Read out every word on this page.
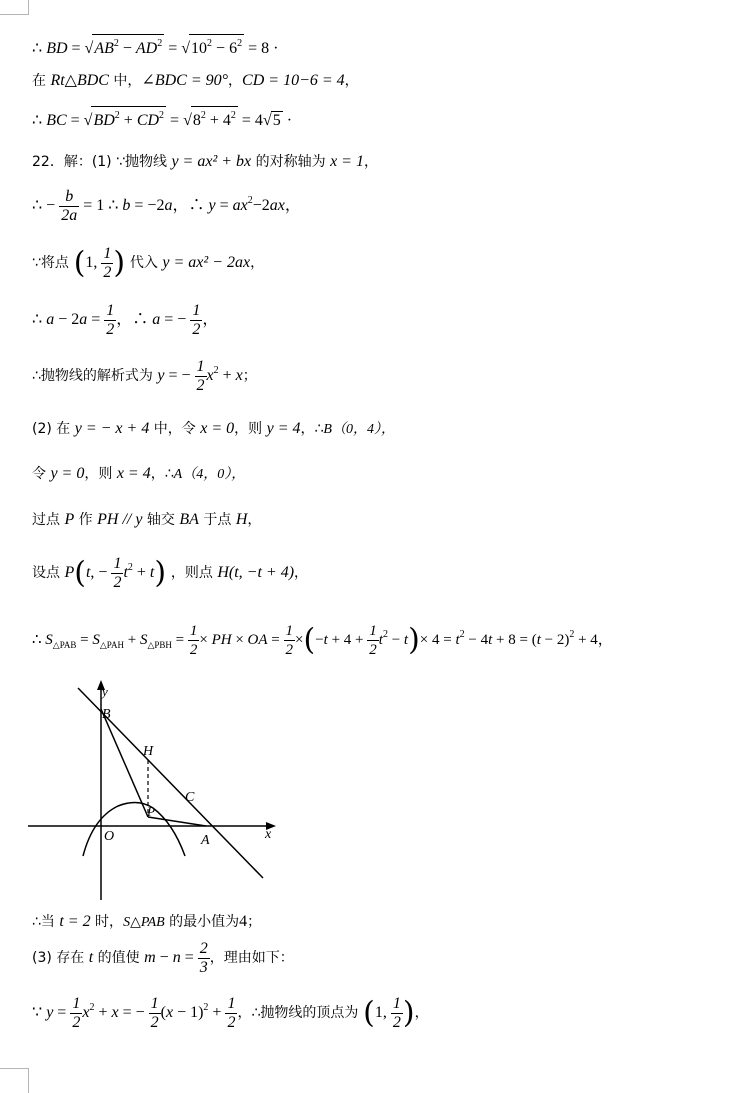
∴ BD = $√AB^2 - AD^2 = √10^2 - 6^2 = 8$ ·
在 Rt△BDC 中，∠BDC = 90°，CD = 10−6 = 4，
∴ BC = $√BD^2 + CD^2 = √8^2 + 4^2 = 4√5$ ·
22．解：(1) ∵抛物线 y = ax² + bx 的对称轴为 x = 1，
∴ − $\frac{b}{2a} = 1$ ∴ b = −2a，∴ $y = ax^2-2ax$，
∵将点 (1, $\frac{1}{2}$ ) 代入 y = ax² − 2ax，
∴ $a - 2a = \frac{1}{2}$ ，∴ a = − $\frac{1}{2}$ ，
∴抛物线的解析式为
y = − $\frac{1}{2} x^2 + x$；
(2) 在 y = − x + 4 中，令 x = 0，则 y = 4，∴B（0，4），
令 y = 0，则 x = 4，∴A（4，0），
过点 P 作 PH // y 轴交 BA 于点 H，
设点
P(t, − $\frac{1}{2} t^2 + t$) ，则点 H(t, −t + 4)，
∴ $S_{\triangle PAB} = S_{\triangle PAH} + S_{\triangle PBH} = \frac{1}{2}$ × PH × OA = $\frac{1}{2} \times(-t + 4 + \frac{1}{2} t^2 - t)\times 4 = t^2 - 4t + 8 = (t - 2)^2 + 4$，
y
B
H
C
P
O	A	x
∴当 t = 2 时，S△PAB 的最小值为4；
(3) 存在 t 的值使
$m - n = \frac{2}{3}$ ，理由如下：
∵ $y = \frac{1}{2} x^2 + x$ = − $\frac{1}{2} (x - 1)^2 + \frac{1}{2}$ ，∴抛物线的顶点为 (1, $\frac{1}{2}$ )，
